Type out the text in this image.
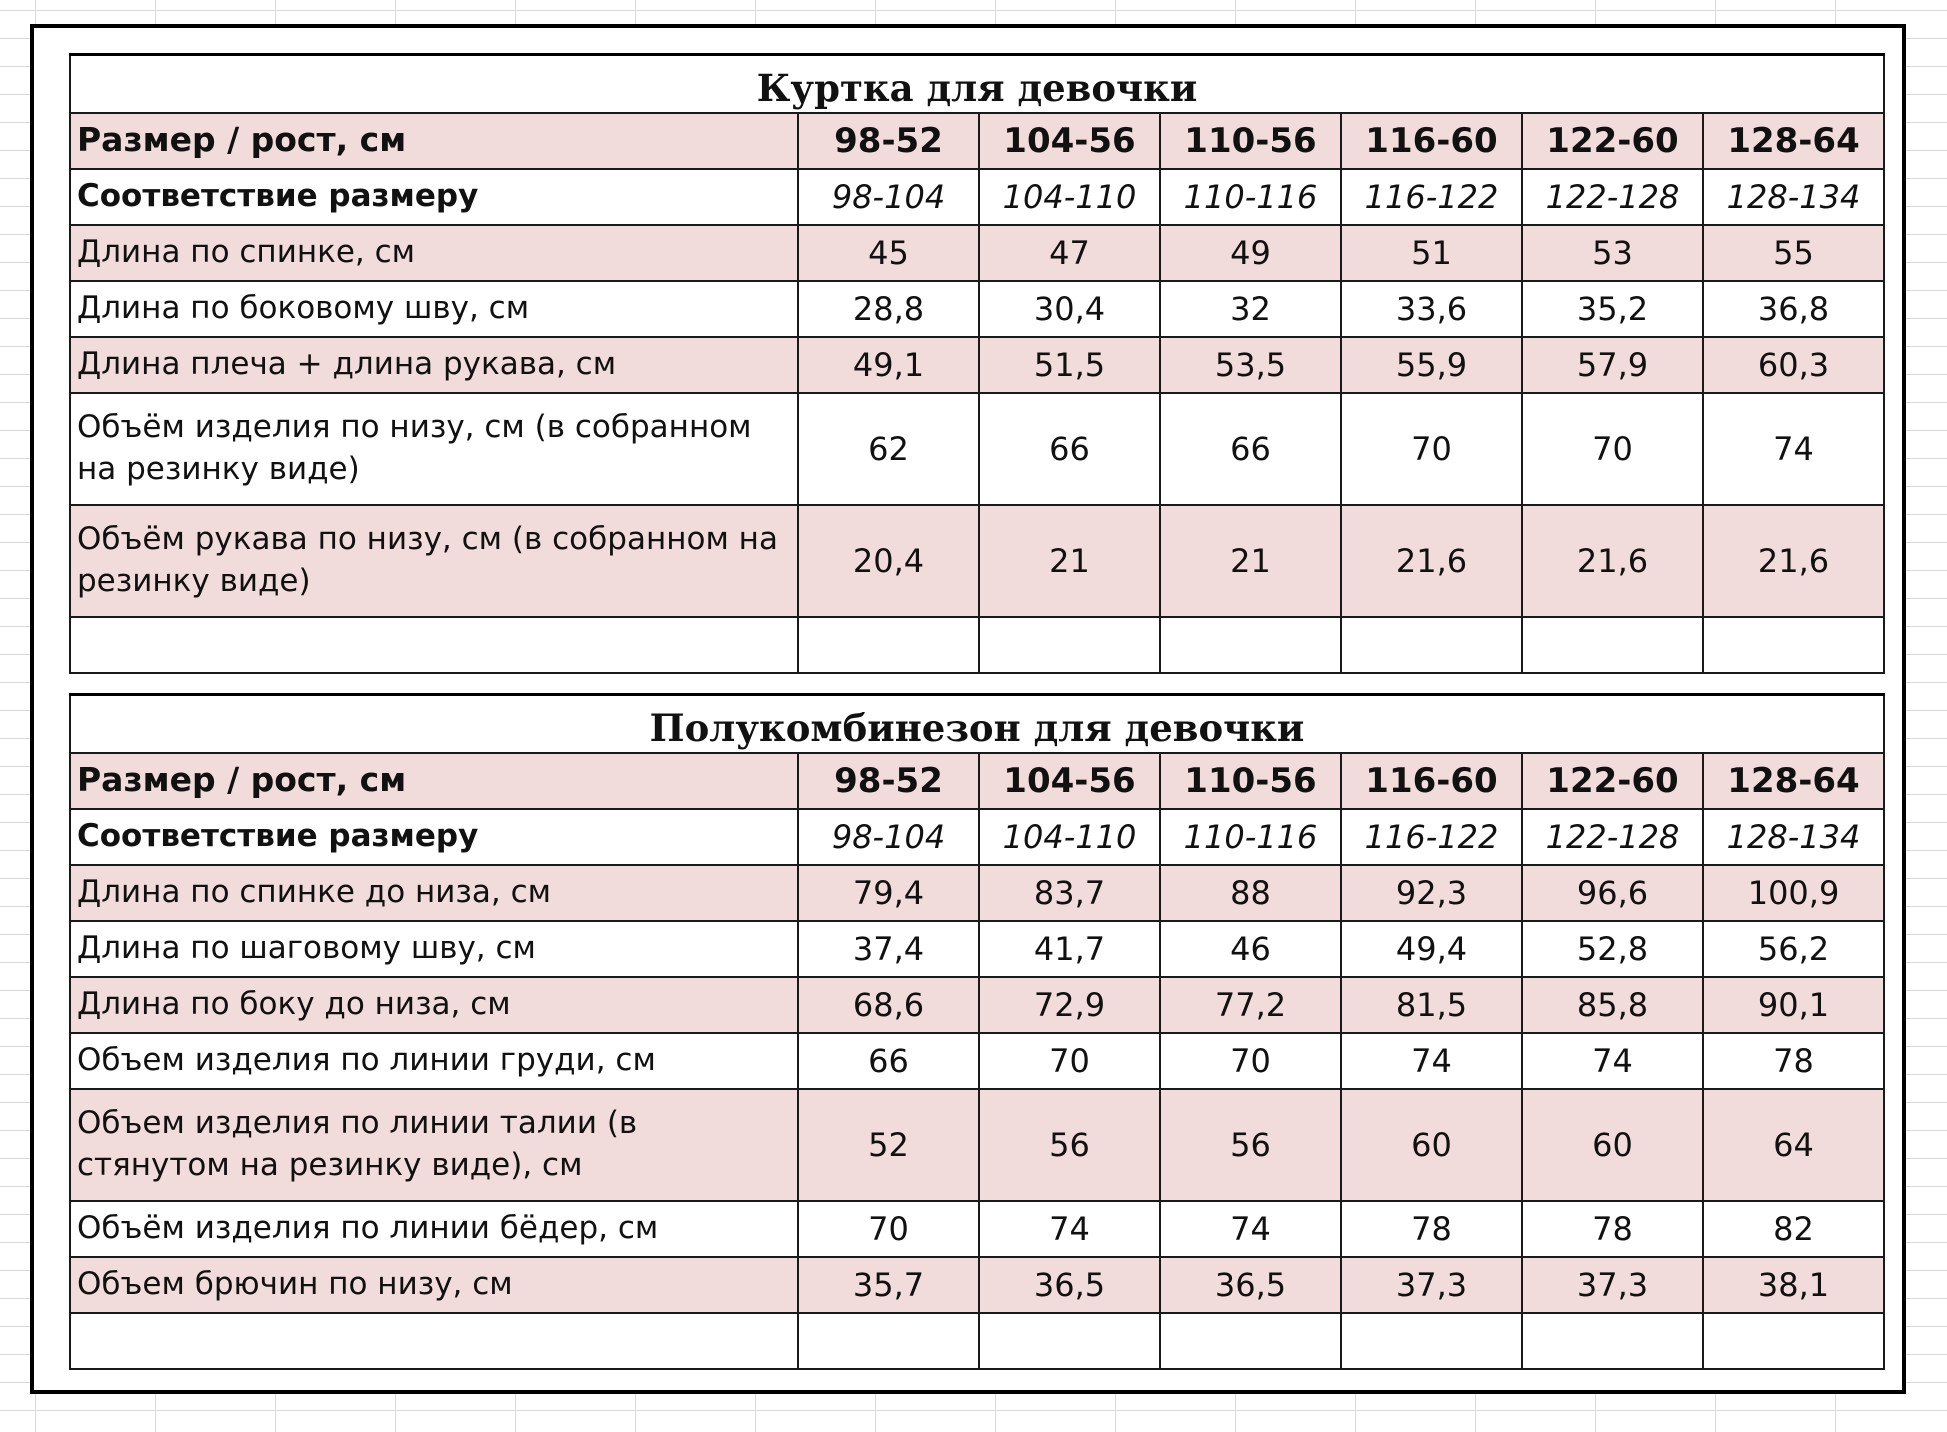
Куртка для девочки						
Размер / рост, см	98-52	104-56	110-56	116-60	122-60	128-64
Соответствие размеру	98-104	104-110	110-116	116-122	122-128	128-134
Длина по спинке, см	45	47	49	51	53	55
Длина по боковому шву, см	28,8	30,4	32	33,6	35,2	36,8
Длина плеча + длина рукава, см	49,1	51,5	53,5	55,9	57,9	60,3
Объём изделия по низу, см (в собранном на резинку виде)	62	66	66	70	70	74
Объём рукава по низу, см (в собранном на резинку виде)	20,4	21	21	21,6	21,6	21,6

Полукомбинезон для девочки						
Размер / рост, см	98-52	104-56	110-56	116-60	122-60	128-64
Соответствие размеру	98-104	104-110	110-116	116-122	122-128	128-134
Длина по спинке до низа, см	79,4	83,7	88	92,3	96,6	100,9
Длина по шаговому шву, см	37,4	41,7	46	49,4	52,8	56,2
Длина по боку до низа, см	68,6	72,9	77,2	81,5	85,8	90,1
Объем изделия по линии груди, см	66	70	70	74	74	78
Объем изделия по линии талии (в стянутом на резинку виде), см	52	56	56	60	60	64
Объём изделия по линии бёдер, см	70	74	74	78	78	82
Объем брючин по низу, см	35,7	36,5	36,5	37,3	37,3	38,1
